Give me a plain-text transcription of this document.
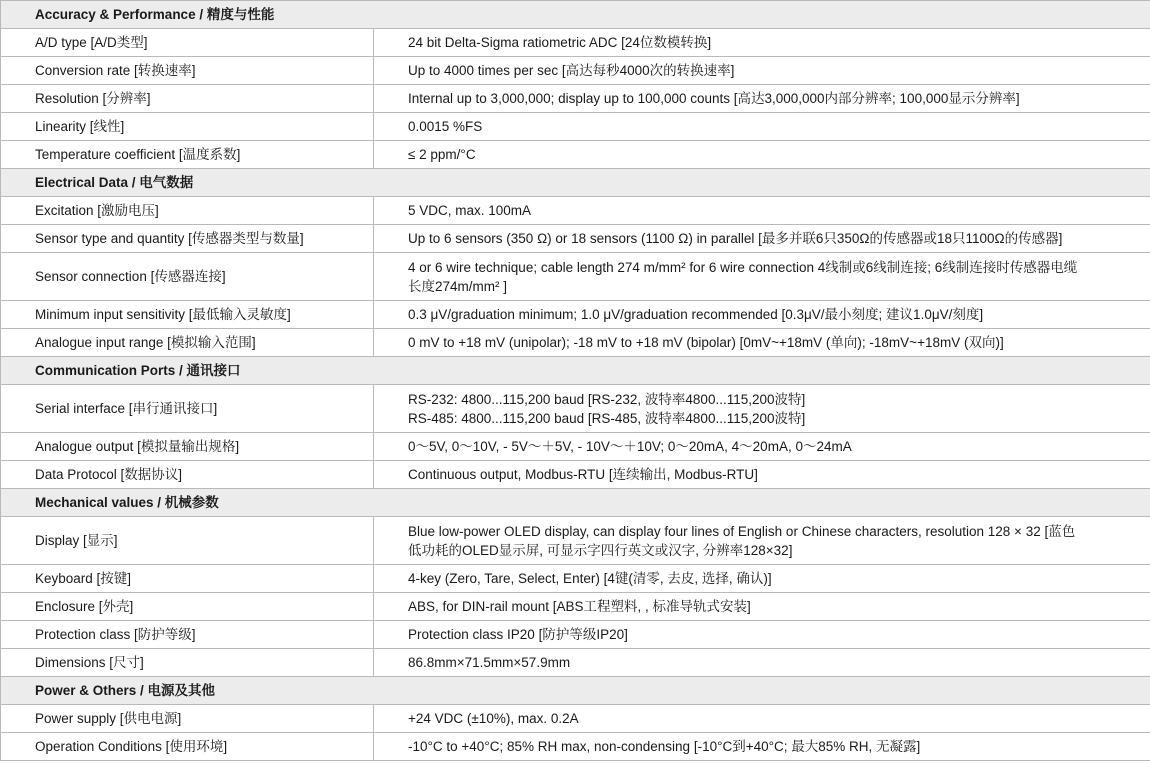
Accuracy & Performance / 精度与性能	
A/D type [A/D类型]	24 bit Delta-Sigma ratiometric ADC [24位数模转换]

Conversion rate [转换速率]	Up to 4000 times per sec [高达每秒4000次的转换速率]

Resolution [分辨率]	Internal up to 3,000,000; display up to 100,000 counts [高达3,000,000内部分辨率; 100,000显示分辨率]

Linearity [线性]	0.0015 %FS

Temperature coefficient [温度系数]	≤ 2 ppm/°C

Electrical Data / 电气数据	
Excitation [激励电压]	5 VDC, max. 100mA

Sensor type and quantity [传感器类型与数量]	Up to 6 sensors (350 Ω) or 18 sensors (1100 Ω) in parallel [最多并联6只350Ω的传感器或18只1100Ω的传感器]

Sensor connection [传感器连接]	4 or 6 wire technique; cable length 274 m/mm² for 6 wire connection 4线制或6线制连接; 6线制连接时传感器电缆
长度274m/mm² ]

Minimum input sensitivity [最低输入灵敏度]	0.3 μV/graduation minimum; 1.0 μV/graduation recommended [0.3μV/最小刻度; 建议1.0μV/刻度]

Analogue input range [模拟输入范围]	0 mV to +18 mV (unipolar); -18 mV to +18 mV (bipolar) [0mV~+18mV (单向); -18mV~+18mV (双向)]

Communication Ports / 通讯接口	
Serial interface [串行通讯接口]	RS-232: 4800...115,200 baud [RS-232, 波特率4800...115,200波特]
RS-485: 4800...115,200 baud [RS-485, 波特率4800...115,200波特]

Analogue output [模拟量输出规格]	0～5V, 0～10V, - 5V～＋5V, - 10V～＋10V; 0～20mA, 4～20mA, 0～24mA

Data Protocol [数据协议]	Continuous output, Modbus-RTU [连续输出, Modbus-RTU]

Mechanical values / 机械参数	
Display [显示]	Blue low-power OLED display, can display four lines of English or Chinese characters, resolution 128 × 32 [蓝色
低功耗的OLED显示屏, 可显示字四行英文或汉字, 分辨率128×32]

Keyboard [按键]	4-key (Zero, Tare, Select, Enter) [4键(清零, 去皮, 选择, 确认)]

Enclosure [外壳]	ABS, for DIN-rail mount [ABS工程塑料, , 标准导轨式安装]

Protection class [防护等级]	Protection class IP20 [防护等级IP20]

Dimensions [尺寸]	86.8mm×71.5mm×57.9mm

Power & Others / 电源及其他	
Power supply [供电电源]	+24 VDC (±10%), max. 0.2A

Operation Conditions [使用环境]	-10°C to +40°C; 85% RH max, non-condensing [-10°C到+40°C; 最大85% RH, 无凝露]
